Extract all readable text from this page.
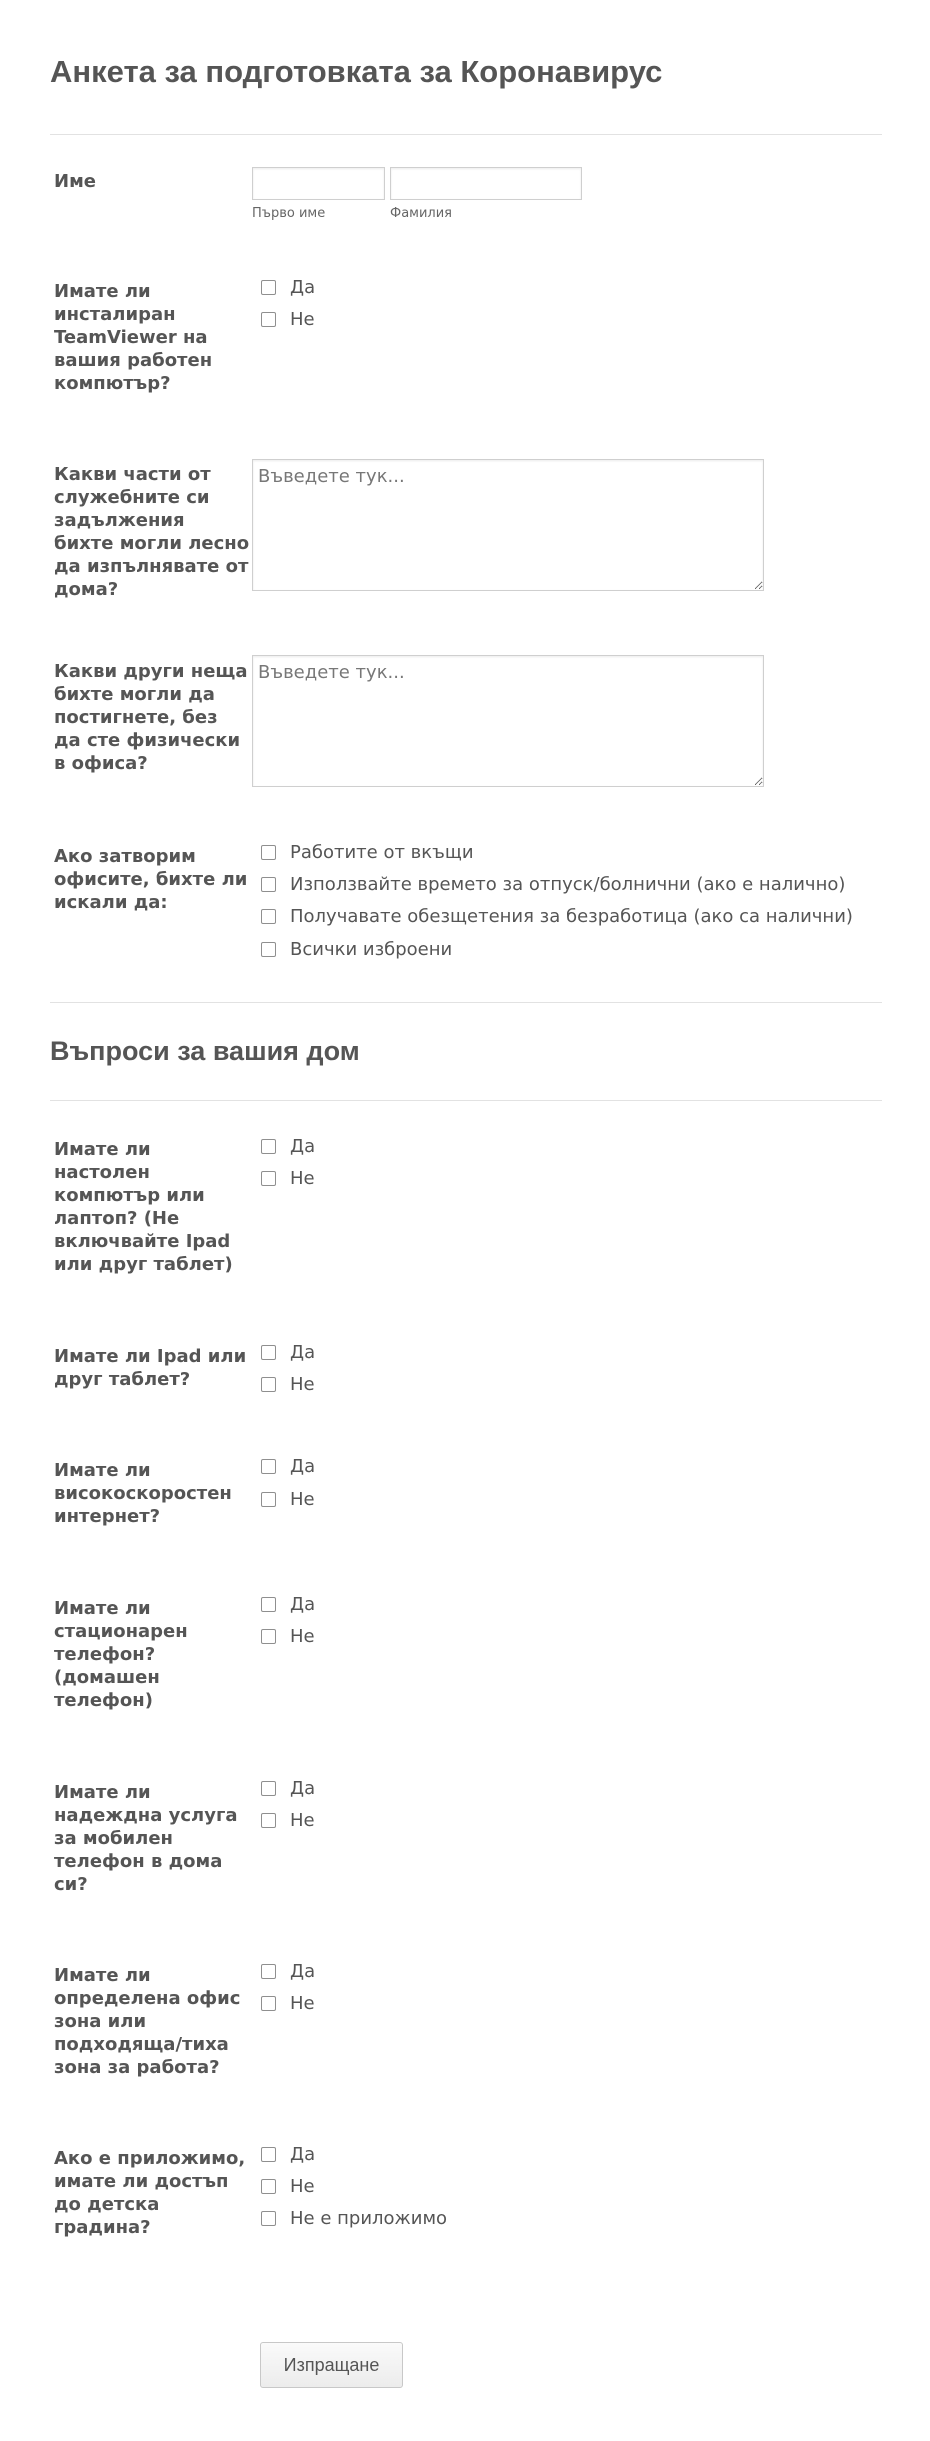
Анкета за подготовката за Коронавирус
Име
Първо име	Фамилия
Имате ли инсталиран TeamViewer на вашия работен компютър?
Да
Не
Какви части от служебните си задължения бихте могли лесно да изпълнявате от дома?
Въведете тук...
Какви други неща бихте могли да постигнете, без да сте физически в офиса?
Въведете тук...
Ако затворим офисите, бихте ли искали да:
Работите от вкъщи
Използвайте времето за отпуск/болнични (ако е налично)
Получавате обезщетения за безработица (ако са налични)
Всички изброени
Въпроси за вашия дом
Имате ли настолен компютър или лаптоп? (Не включвайте Ipad или друг таблет)
Да
Не
Имате ли Ipad или друг таблет?
Да
Не
Имате ли високоскоростен интернет?
Да
Не
Имате ли стационарен телефон? (домашен телефон)
Да
Не
Имате ли надеждна услуга за мобилен телефон в дома си?
Да
Не
Имате ли определена офис зона или подходяща/тиха зона за работа?
Да
Не
Ако е приложимо, имате ли достъп до детска градина?
Да
Не
Не е приложимо
Изпращане
